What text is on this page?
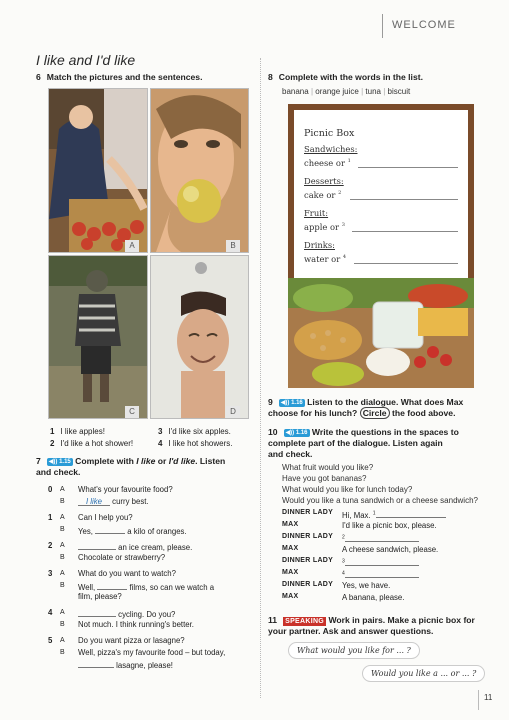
WELCOME
I like and I'd like
6 Match the pictures and the sentences.
A	B
C	D
1 I like apples!
2 I'd like a hot shower!
3 I'd like six apples.
4 I like hot showers.
7 ◀)) 1.15 Complete with I like or I'd like. Listen
and check.
0 A What's your favourite food?
B	I like curry best.
1 A Can I help you?
B Yes,	a kilo of oranges.
2 A	an ice cream, please.
B Chocolate or strawberry?
3 A What do you want to watch?
B Well,	films, so can we watch a
film, please?
4 A	cycling. Do you?
B Not much. I think running's better.
5 A Do you want pizza or lasagne?
B Well, pizza's my favourite food – but today,
lasagne, please!
8 Complete with the words in the list.
banana | orange juice | tuna | biscuit
Picnic Box
Sandwiches:
cheese or $^1$
Desserts:
cake or $^2$
Fruit:
apple or $^3$
Drinks:
water or $^4$
9 ◀)) 1.16 Listen to the dialogue. What does Max
choose for his lunch? Circle the food above.
10 ◀)) 1.16 Write the questions in the spaces to
complete part of the dialogue. Listen again
and check.
What fruit would you like?
Have you got bananas?
What would you like for lunch today?
Would you like a tuna sandwich or a cheese sandwich?
DINNER LADY Hi, Max. $^1$
MAX	I'd like a picnic box, please.
DINNER LADY $^2$
MAX	A cheese sandwich, please.
DINNER LADY $^3$
MAX	$^4$
DINNER LADY Yes, we have.
MAX	A banana, please.
11 SPEAKING Work in pairs. Make a picnic box for
your partner. Ask and answer questions.
What would you like for ... ?
Would you like a ... or ... ?
11
